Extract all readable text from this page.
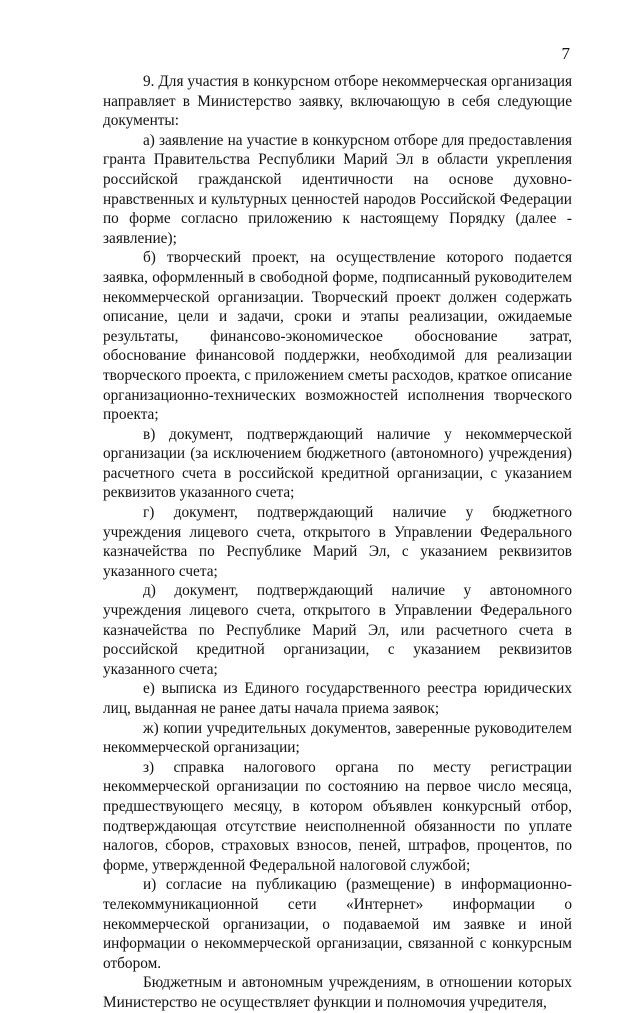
7

9. Для участия в конкурсном отборе некоммерческая организация направляет в Министерство заявку, включающую в себя следующие документы:

а) заявление на участие в конкурсном отборе для предоставления гранта Правительства Республики Марий Эл в области укрепления российской гражданской идентичности на основе духовно-нравственных и культурных ценностей народов Российской Федерации по форме согласно приложению к настоящему Порядку (далее - заявление);

б) творческий проект, на осуществление которого подается заявка, оформленный в свободной форме, подписанный руководителем некоммерческой организации. Творческий проект должен содержать описание, цели и задачи, сроки и этапы реализации, ожидаемые результаты, финансово-экономическое обоснование затрат, обоснование финансовой поддержки, необходимой для реализации творческого проекта, с приложением сметы расходов, краткое описание организационно-технических возможностей исполнения творческого проекта;

в) документ, подтверждающий наличие у некоммерческой организации (за исключением бюджетного (автономного) учреждения) расчетного счета в российской кредитной организации, с указанием реквизитов указанного счета;

г) документ, подтверждающий наличие у бюджетного учреждения лицевого счета, открытого в Управлении Федерального казначейства по Республике Марий Эл, с указанием реквизитов указанного счета;

д) документ, подтверждающий наличие у автономного учреждения лицевого счета, открытого в Управлении Федерального казначейства по Республике Марий Эл, или расчетного счета в российской кредитной организации, с указанием реквизитов указанного счета;

е) выписка из Единого государственного реестра юридических лиц, выданная не ранее даты начала приема заявок;

ж) копии учредительных документов, заверенные руководителем некоммерческой организации;

з) справка налогового органа по месту регистрации некоммерческой организации по состоянию на первое число месяца, предшествующего месяцу, в котором объявлен конкурсный отбор, подтверждающая отсутствие неисполненной обязанности по уплате налогов, сборов, страховых взносов, пеней, штрафов, процентов, по форме, утвержденной Федеральной налоговой службой;

и) согласие на публикацию (размещение) в информационно-телекоммуникационной сети «Интернет» информации о некоммерческой организации, о подаваемой им заявке и иной информации о некоммерческой организации, связанной с конкурсным отбором.

Бюджетным и автономным учреждениям, в отношении которых Министерство не осуществляет функции и полномочия учредителя,
